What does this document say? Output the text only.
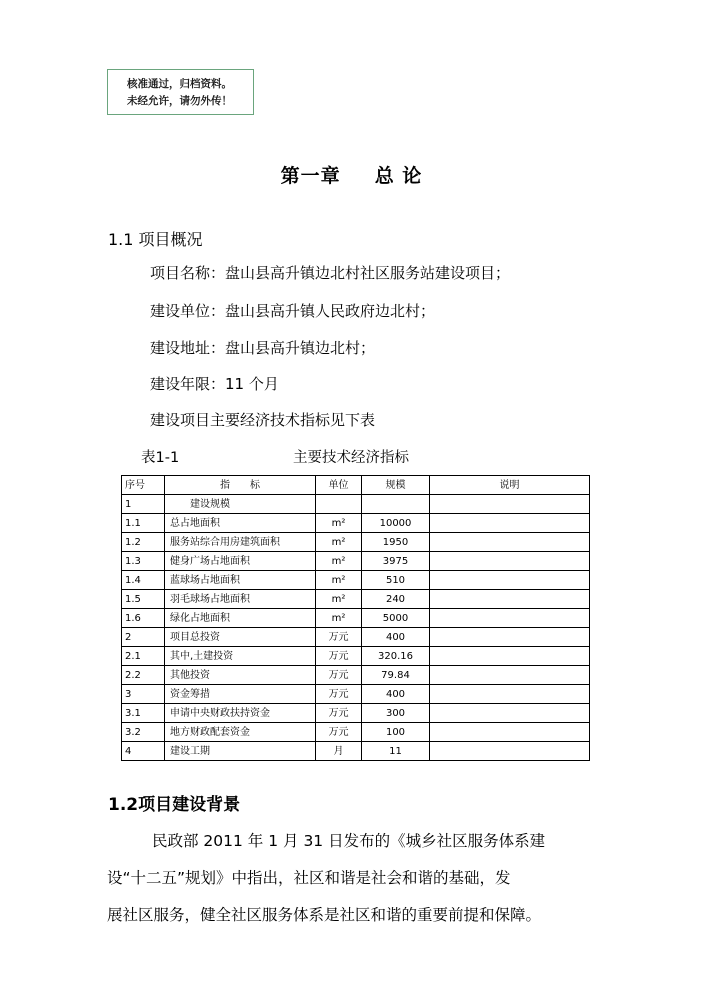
核准通过，归档资料。
未经允许，请勿外传！
第一章 总 论
1.1 项目概况
项目名称：盘山县高升镇边北村社区服务站建设项目；
建设单位：盘山县高升镇人民政府边北村；
建设地址：盘山县高升镇边北村；
建设年限：11 个月
建设项目主要经济技术指标见下表
表1-1	主要技术经济指标
序号	指　　标	单位	规模	说明
1	　　建设规模			
1.1	总占地面积	m²	10000	
1.2	服务站综合用房建筑面积	m²	1950	
1.3	健身广场占地面积	m²	3975	
1.4	蓝球场占地面积	m²	510	
1.5	羽毛球场占地面积	m²	240	
1.6	绿化占地面积	m²	5000	
2	项目总投资	万元	400	
2.1	其中,土建投资	万元	320.16	
2.2	其他投资	万元	79.84	
3	资金筹措	万元	400	
3.1	申请中央财政扶持资金	万元	300	
3.2	地方财政配套资金	万元	100	
4	建设工期	月	11	
1.2项目建设背景
民政部 2011 年 1 月 31 日发布的《城乡社区服务体系建
设“十二五”规划》中指出，社区和谐是社会和谐的基础，发
展社区服务，健全社区服务体系是社区和谐的重要前提和保障。
